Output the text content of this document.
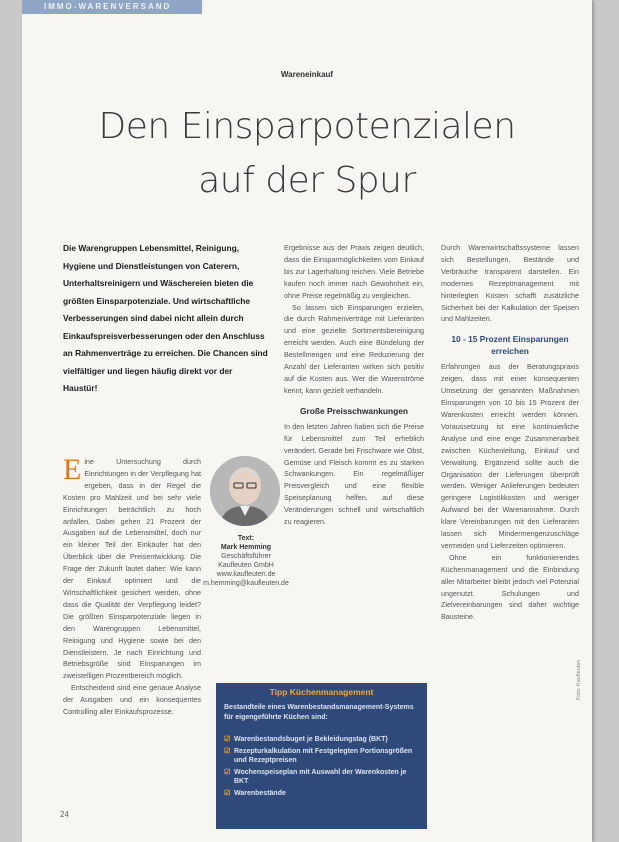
IMMO-WARENVERSAND
Wareneinkauf
Den Einsparpotenzialen
auf der Spur
Die Warengruppen Lebensmittel, Reinigung, Hygiene und Dienstleistungen von Caterern, Unterhaltsreinigern und Wäschereien bieten die größten Einsparpotenziale. Und wirtschaftliche Verbesserungen sind dabei nicht allein durch Einkaufspreisverbesserungen oder den Anschluss an Rahmenverträge zu erreichen. Die Chancen sind vielfältiger und liegen häufig direkt vor der Haustür!

Eine Untersuchung durch Einrichtungen in der Verpflegung hat ergeben, dass in der Regel die Kosten pro Mahlzeit und bei sehr viele Einrichtungen beträchtlich zu hoch anfallen. Dabei gehen 21 Prozent der Ausgaben auf die Lebensmittel, doch nur ein kleiner Teil der Einkäufer hat den Überblick über die Preisentwicklung. Die Frage der Zukunft lautet daher: Wie kann der Einkauf optimiert und die Wirtschaftlichkeit gesichert werden, ohne dass die Qualität der Verpflegung leidet? Die größten Einsparpotenziale liegen in den Warengruppen Lebensmittel, Reinigung und Hygiene sowie bei den Dienstleistern. Je nach Einrichtung und Betriebsgröße sind Einsparungen im zweistelligen Prozentbereich möglich.

Entscheidend sind eine genaue Analyse der Ausgaben und ein konsequentes Controlling aller Einkaufsprozesse.

Text:
Mark Hemming
Geschäftsführer
Kaufleuten GmbH
www.kaufleuten.de
m.hemming@kaufleuten.de

Ergebnisse aus der Praxis zeigen deutlich, dass die Einsparmöglichkeiten vom Einkauf bis zur Lagerhaltung reichen. Viele Betriebe kaufen noch immer nach Gewohnheit ein, ohne Preise regelmäßig zu vergleichen.

So lassen sich Einsparungen erzielen, die durch Rahmenverträge mit Lieferanten und eine gezielte Sortimentsbereinigung erreicht werden. Auch eine Bündelung der Bestellmengen und eine Reduzierung der Anzahl der Lieferanten wirken sich positiv auf die Kosten aus. Wer die Warenströme kennt, kann gezielt verhandeln.

Große Preisschwankungen

In den letzten Jahren haben sich die Preise für Lebensmittel zum Teil erheblich verändert. Gerade bei Frischware wie Obst, Gemüse und Fleisch kommt es zu starken Schwankungen. Ein regelmäßiger Preisvergleich und eine flexible Speiseplanung helfen, auf diese Veränderungen schnell und wirtschaftlich zu reagieren.

Durch Warenwirtschaftssysteme lassen sich Bestellungen, Bestände und Verbräuche transparent darstellen. Ein modernes Rezeptmanagement mit hinterlegten Kosten schafft zusätzliche Sicherheit bei der Kalkulation der Speisen und Mahlzeiten.

10 - 15 Prozent Einsparungen erreichen

Erfahrungen aus der Beratungspraxis zeigen, dass mit einer konsequenten Umsetzung der genannten Maßnahmen Einsparungen von 10 bis 15 Prozent der Warenkosten erreicht werden können. Voraussetzung ist eine kontinuierliche Analyse und eine enge Zusammenarbeit zwischen Küchenleitung, Einkauf und Verwaltung. Ergänzend sollte auch die Organisation der Lieferungen überprüft werden. Weniger Anlieferungen bedeuten geringere Logistikkosten und weniger Aufwand bei der Warenannahme. Durch klare Vereinbarungen mit den Lieferanten lassen sich Mindermengenzuschläge vermeiden und Lieferzeiten optimieren.

Ohne ein funktionierendes Küchenmanagement und die Einbindung aller Mitarbeiter bleibt jedoch viel Potenzial ungenutzt. Schulungen und Zielvereinbarungen sind daher wichtige Bausteine.

Tipp Küchenmanagement
Bestandteile eines Warenbestandsmanagement-Systems für eigengeführte Küchen sind:
☑ Warenbestandsbuget je Bekleidungstag (BKT)
☑ Rezepturkalkulation mit Festgelegten Portionsgrößen und Rezeptpreisen
☑ Wochenspeiseplan mit Auswahl der Warenkosten je BKT
☑ Warenbestände
24
Foto: Kaufleuten
